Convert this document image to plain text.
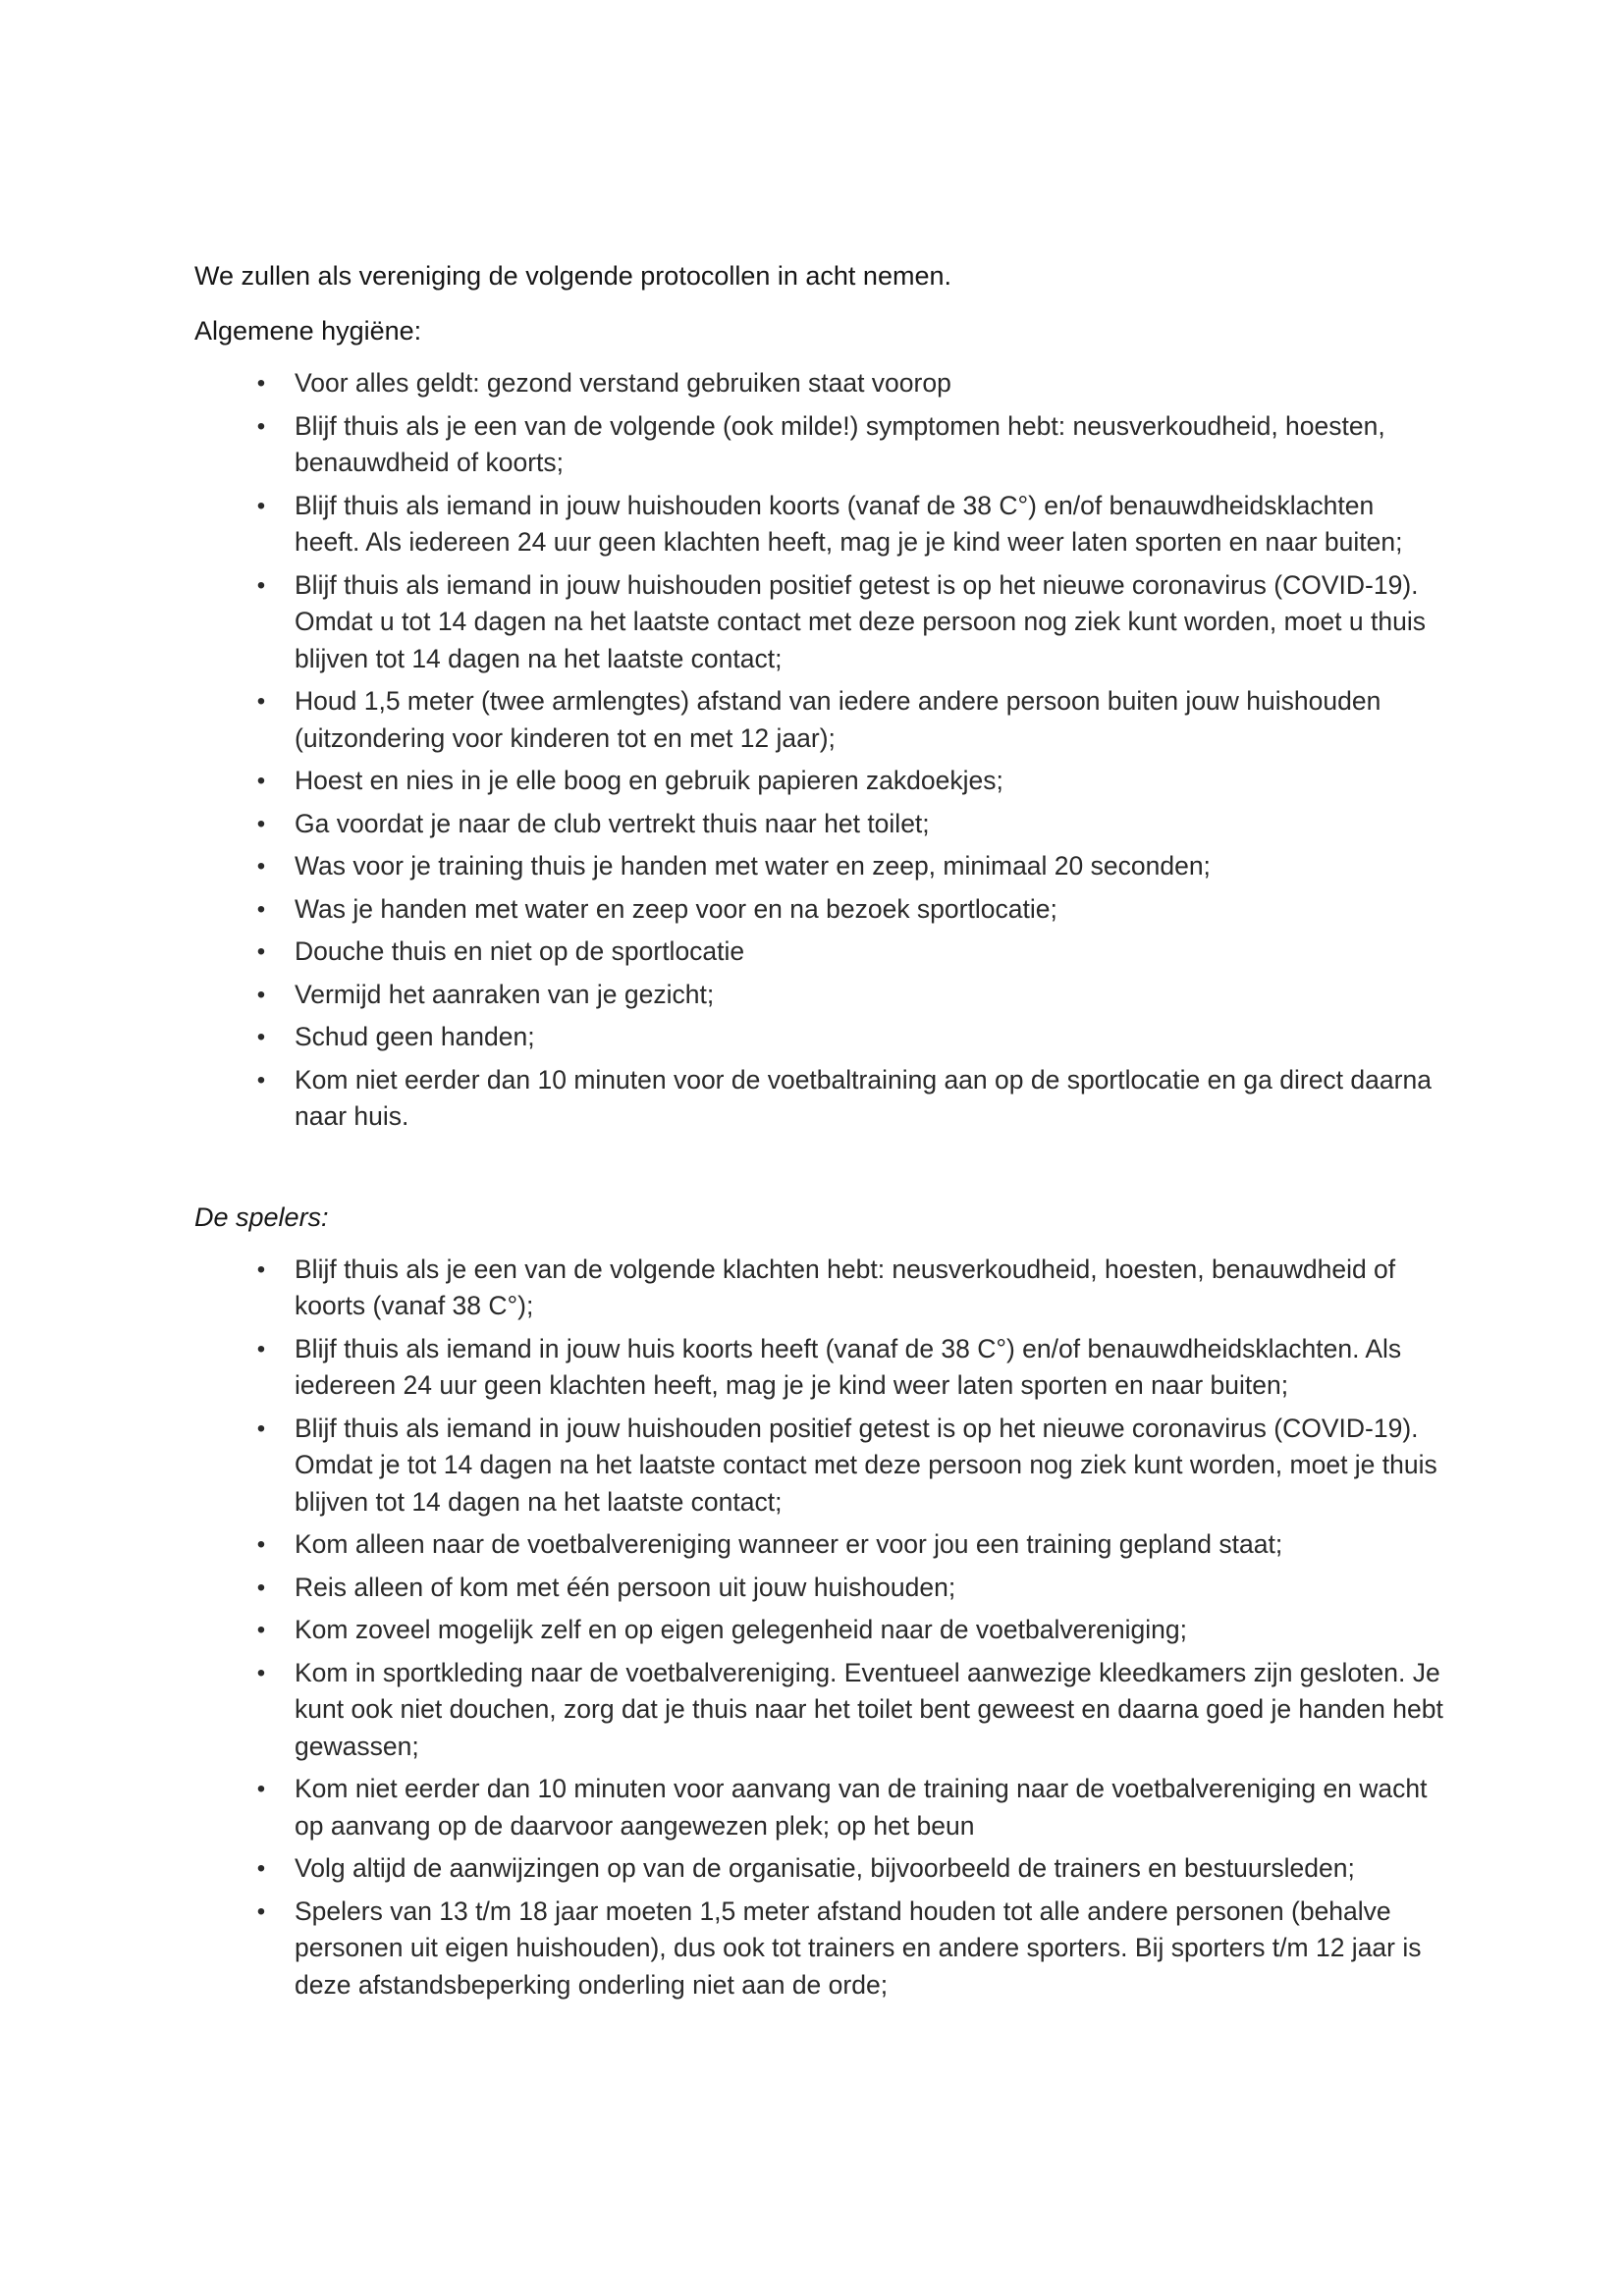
We zullen als vereniging de volgende protocollen in acht nemen.

Algemene hygiëne:

• Voor alles geldt: gezond verstand gebruiken staat voorop
• Blijf thuis als je een van de volgende (ook milde!) symptomen hebt: neusverkoudheid, hoesten, benauwdheid of koorts;
• Blijf thuis als iemand in jouw huishouden koorts (vanaf de 38 C°) en/of benauwdheidsklachten heeft. Als iedereen 24 uur geen klachten heeft, mag je je kind weer laten sporten en naar buiten;
• Blijf thuis als iemand in jouw huishouden positief getest is op het nieuwe coronavirus (COVID-19). Omdat u tot 14 dagen na het laatste contact met deze persoon nog ziek kunt worden, moet u thuis blijven tot 14 dagen na het laatste contact;
• Houd 1,5 meter (twee armlengtes) afstand van iedere andere persoon buiten jouw huishouden (uitzondering voor kinderen tot en met 12 jaar);
• Hoest en nies in je elle boog en gebruik papieren zakdoekjes;
• Ga voordat je naar de club vertrekt thuis naar het toilet;
• Was voor je training thuis je handen met water en zeep, minimaal 20 seconden;
• Was je handen met water en zeep voor en na bezoek sportlocatie;
• Douche thuis en niet op de sportlocatie
• Vermijd het aanraken van je gezicht;
• Schud geen handen;
• Kom niet eerder dan 10 minuten voor de voetbaltraining aan op de sportlocatie en ga direct daarna naar huis.

De spelers:

• Blijf thuis als je een van de volgende klachten hebt: neusverkoudheid, hoesten, benauwdheid of koorts (vanaf 38 C°);
• Blijf thuis als iemand in jouw huis koorts heeft (vanaf de 38 C°) en/of benauwdheidsklachten. Als iedereen 24 uur geen klachten heeft, mag je je kind weer laten sporten en naar buiten;
• Blijf thuis als iemand in jouw huishouden positief getest is op het nieuwe coronavirus (COVID-19). Omdat je tot 14 dagen na het laatste contact met deze persoon nog ziek kunt worden, moet je thuis blijven tot 14 dagen na het laatste contact;
• Kom alleen naar de voetbalvereniging wanneer er voor jou een training gepland staat;
• Reis alleen of kom met één persoon uit jouw huishouden;
• Kom zoveel mogelijk zelf en op eigen gelegenheid naar de voetbalvereniging;
• Kom in sportkleding naar de voetbalvereniging. Eventueel aanwezige kleedkamers zijn gesloten. Je kunt ook niet douchen, zorg dat je thuis naar het toilet bent geweest en daarna goed je handen hebt gewassen;
• Kom niet eerder dan 10 minuten voor aanvang van de training naar de voetbalvereniging en wacht op aanvang op de daarvoor aangewezen plek; op het beun
• Volg altijd de aanwijzingen op van de organisatie, bijvoorbeeld de trainers en bestuursleden;
• Spelers van 13 t/m 18 jaar moeten 1,5 meter afstand houden tot alle andere personen (behalve personen uit eigen huishouden), dus ook tot trainers en andere sporters. Bij sporters t/m 12 jaar is deze afstandsbeperking onderling niet aan de orde;
